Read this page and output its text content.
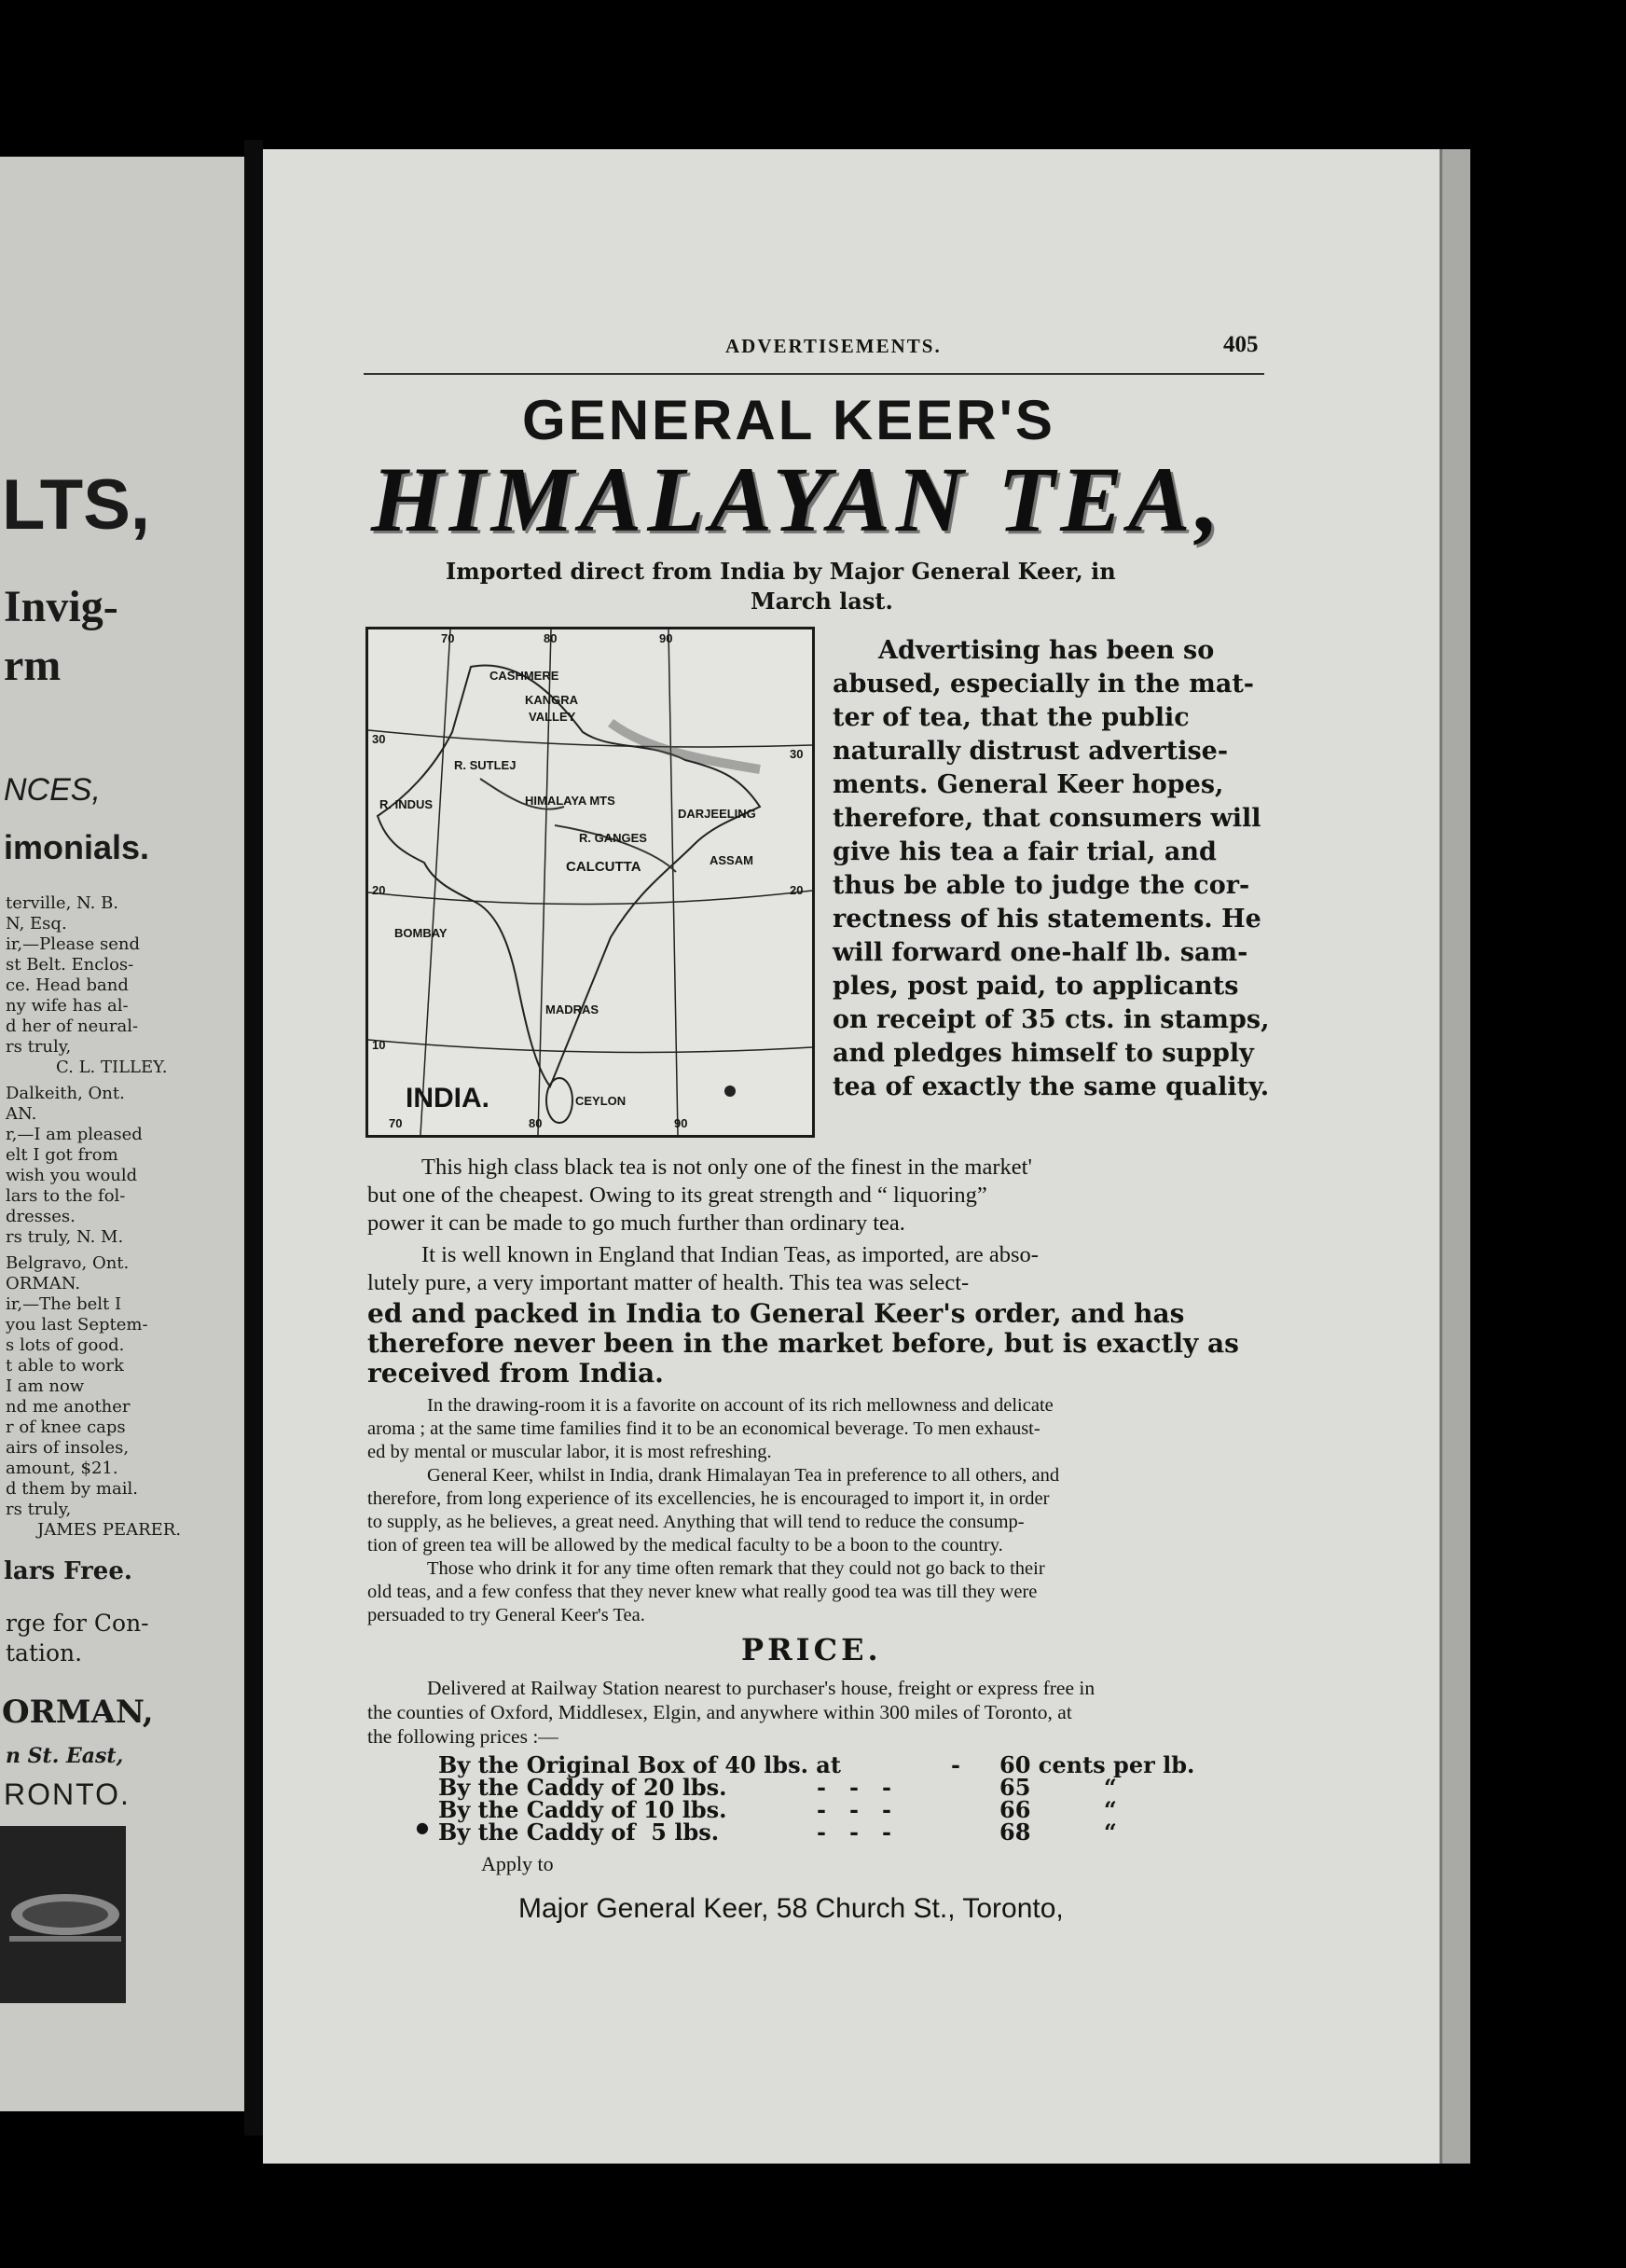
LTS,
Invig-
rm
NCES,
imonials.
terville, N. B.
N, Esq.
ir,—Please send
st Belt. Enclos-
ce. Head band
ny wife has al-
d her of neural-
rs truly,
C. L. TILLEY.
Dalkeith, Ont.
AN.
r,—I am pleased
elt I got from
wish you would
lars to the fol-
dresses.
rs truly, N. M.
Belgravo, Ont.
ORMAN.
ir,—The belt I
you last Septem-
s lots of good.
t able to work
I am now
nd me another
r of knee caps
airs of insoles,
amount, $21.
d them by mail.
rs truly,
JAMES PEARER.
lars Free.
rge for Con-
tation.
ORMAN,
n St. East,
RONTO.
ADVERTISEMENTS.	405
GENERAL KEER'S
HIMALAYAN TEA,
Imported direct from India by Major General Keer, in
March last.
70	80	90
30
30
20	20
10
70	80	90
CASHMERE
KANGRA
VALLEY
R. SUTLEJ
HIMALAYA MTS
DARJEELING
R. INDUS
R. GANGES
ASSAM
CALCUTTA
BOMBAY
MADRAS
CEYLON
INDIA.
Advertising has been so
abused, especially in the mat-
ter of tea, that the public
naturally distrust advertise-
ments. General Keer hopes,
therefore, that consumers will
give his tea a fair trial, and
thus be able to judge the cor-
rectness of his statements. He
will forward one-half lb. sam-
ples, post paid, to applicants
on receipt of 35 cts. in stamps,
and pledges himself to supply
tea of exactly the same quality.
This high class black tea is not only one of the finest in the market'
but one of the cheapest. Owing to its great strength and “ liquoring”
power it can be made to go much further than ordinary tea.
It is well known in England that Indian Teas, as imported, are abso-
lutely pure, a very important matter of health. This tea was select-
ed and packed in India to General Keer's order, and has
therefore never been in the market before, but is exactly as
received from India.
In the drawing-room it is a favorite on account of its rich mellowness and delicate
aroma ; at the same time families find it to be an economical beverage. To men exhaust-
ed by mental or muscular labor, it is most refreshing.
General Keer, whilst in India, drank Himalayan Tea in preference to all others, and
therefore, from long experience of its excellencies, he is encouraged to import it, in order
to supply, as he believes, a great need. Anything that will tend to reduce the consump-
tion of green tea will be allowed by the medical faculty to be a boon to the country.
Those who drink it for any time often remark that they could not go back to their
old teas, and a few confess that they never knew what really good tea was till they were
persuaded to try General Keer's Tea.
PRICE.
Delivered at Railway Station nearest to purchaser's house, freight or express free in
the counties of Oxford, Middlesex, Elgin, and anywhere within 300 miles of Toronto, at
the following prices :—
By the Original Box of 40 lbs. at	- 60 cents per lb.
By the Caddy of 20 lbs.	-   -   -	65	“
By the Caddy of 10 lbs.	-   -   -	66	“
● By the Caddy of  5 lbs.	-   -   -	68	“
Apply to
Major General Keer, 58 Church St., Toronto,
